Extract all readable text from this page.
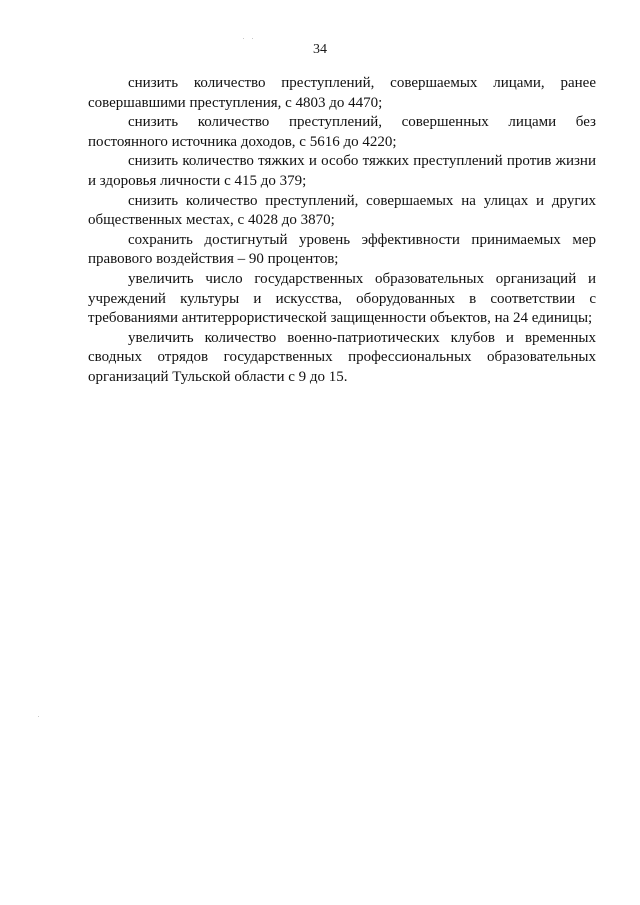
34

снизить количество преступлений, совершаемых лицами, ранее совершавшими преступления, с 4803 до 4470;

снизить количество преступлений, совершенных лицами без постоянного источника доходов, с 5616 до 4220;

снизить количество тяжких и особо тяжких преступлений против жизни и здоровья личности с 415 до 379;

снизить количество преступлений, совершаемых на улицах и других общественных местах, с 4028 до 3870;

сохранить достигнутый уровень эффективности принимаемых мер правового воздействия – 90 процентов;

увеличить число государственных образовательных организаций и учреждений культуры и искусства, оборудованных в соответствии с требованиями антитеррористической защищенности объектов, на 24 единицы;

увеличить количество военно-патриотических клубов и временных сводных отрядов государственных профессиональных образовательных организаций Тульской области с 9 до 15.
